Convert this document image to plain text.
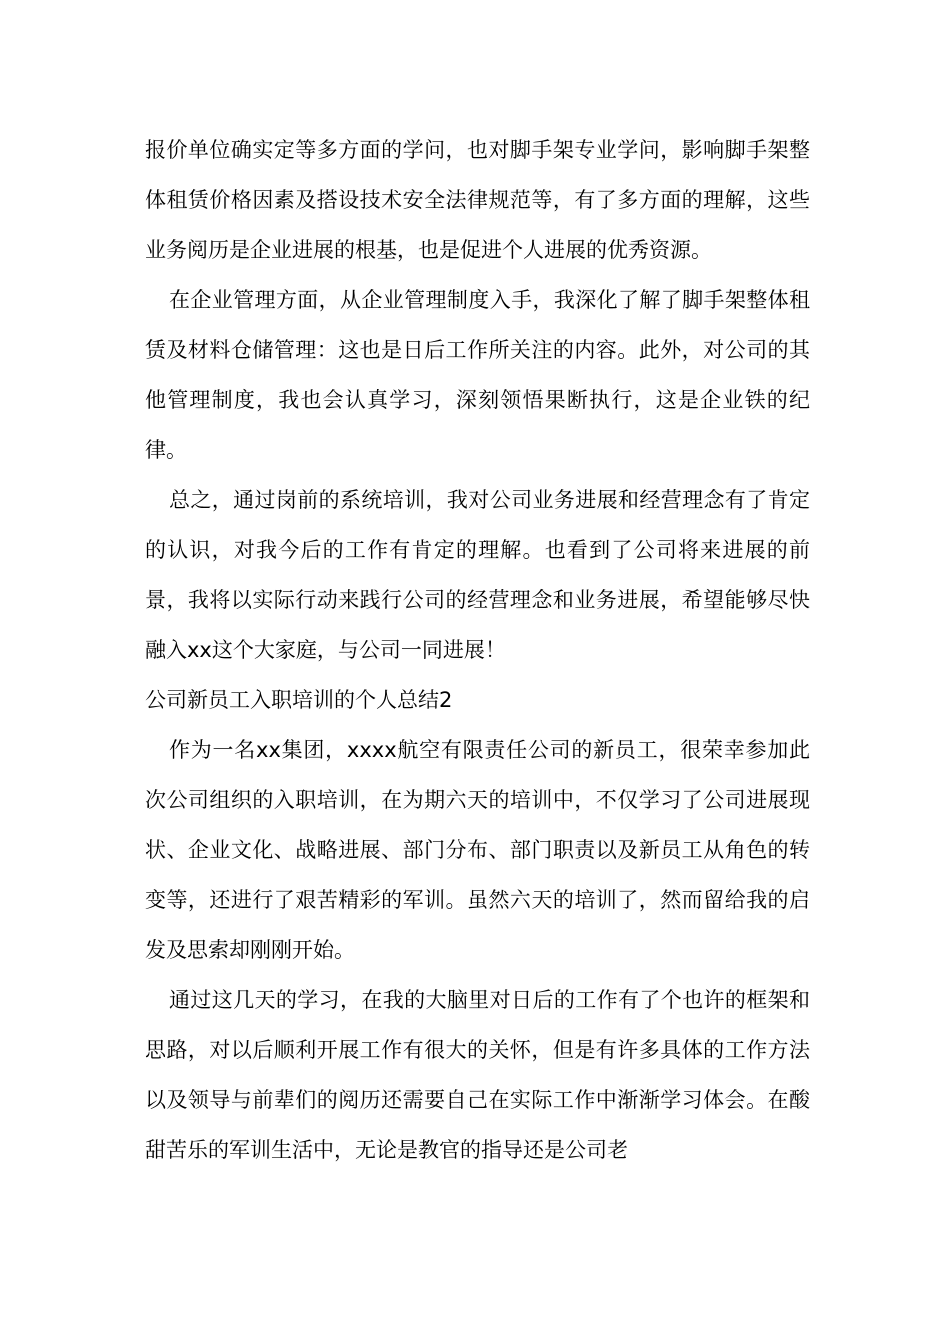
报价单位确实定等多方面的学问，也对脚手架专业学问，影响脚手架整体租赁价格因素及搭设技术安全法律规范等，有了多方面的理解，这些业务阅历是企业进展的根基，也是促进个人进展的优秀资源。

在企业管理方面，从企业管理制度入手，我深化了解了脚手架整体租赁及材料仓储管理：这也是日后工作所关注的内容。此外，对公司的其他管理制度，我也会认真学习，深刻领悟果断执行，这是企业铁的纪律。

总之，通过岗前的系统培训，我对公司业务进展和经营理念有了肯定的认识，对我今后的工作有肯定的理解。也看到了公司将来进展的前景，我将以实际行动来践行公司的经营理念和业务进展，希望能够尽快融入xx这个大家庭，与公司一同进展！

公司新员工入职培训的个人总结2

作为一名xx集团，xxxx航空有限责任公司的新员工，很荣幸参加此次公司组织的入职培训，在为期六天的培训中，不仅学习了公司进展现状、企业文化、战略进展、部门分布、部门职责以及新员工从角色的转变等，还进行了艰苦精彩的军训。虽然六天的培训了，然而留给我的启发及思索却刚刚开始。

通过这几天的学习，在我的大脑里对日后的工作有了个也许的框架和思路，对以后顺利开展工作有很大的关怀，但是有许多具体的工作方法以及领导与前辈们的阅历还需要自己在实际工作中渐渐学习体会。在酸甜苦乐的军训生活中，无论是教官的指导还是公司老
